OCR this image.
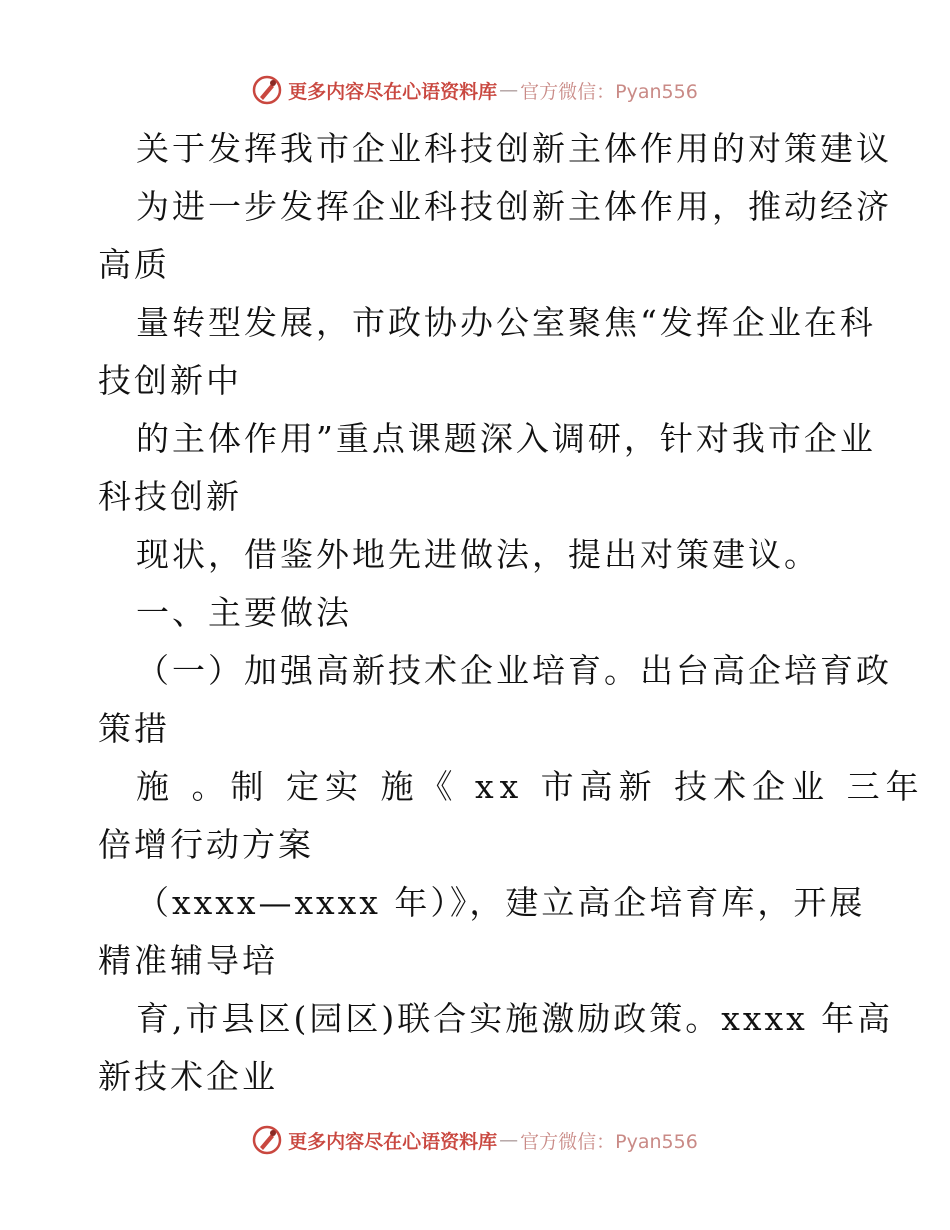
更多内容尽在心语资料库 — 官方微信：Pyan556
关于发挥我市企业科技创新主体作用的对策建议
为进一步发挥企业科技创新主体作用，推动经济
高质
量转型发展，市政协办公室聚焦“发挥企业在科
技创新中
的主体作用”重点课题深入调研，针对我市企业
科技创新
现状，借鉴外地先进做法，提出对策建议。
一、主要做法
（一）加强高新技术企业培育。出台高企培育政
策措
施 。制 定实 施《 xx 市高新 技术企业 三年
倍增行动方案
（xxxx—xxxx 年）》，建立高企培育库，开展
精准辅导培
育,市县区(园区)联合实施激励政策。xxxx 年高
新技术企业
更多内容尽在心语资料库 — 官方微信：Pyan556
